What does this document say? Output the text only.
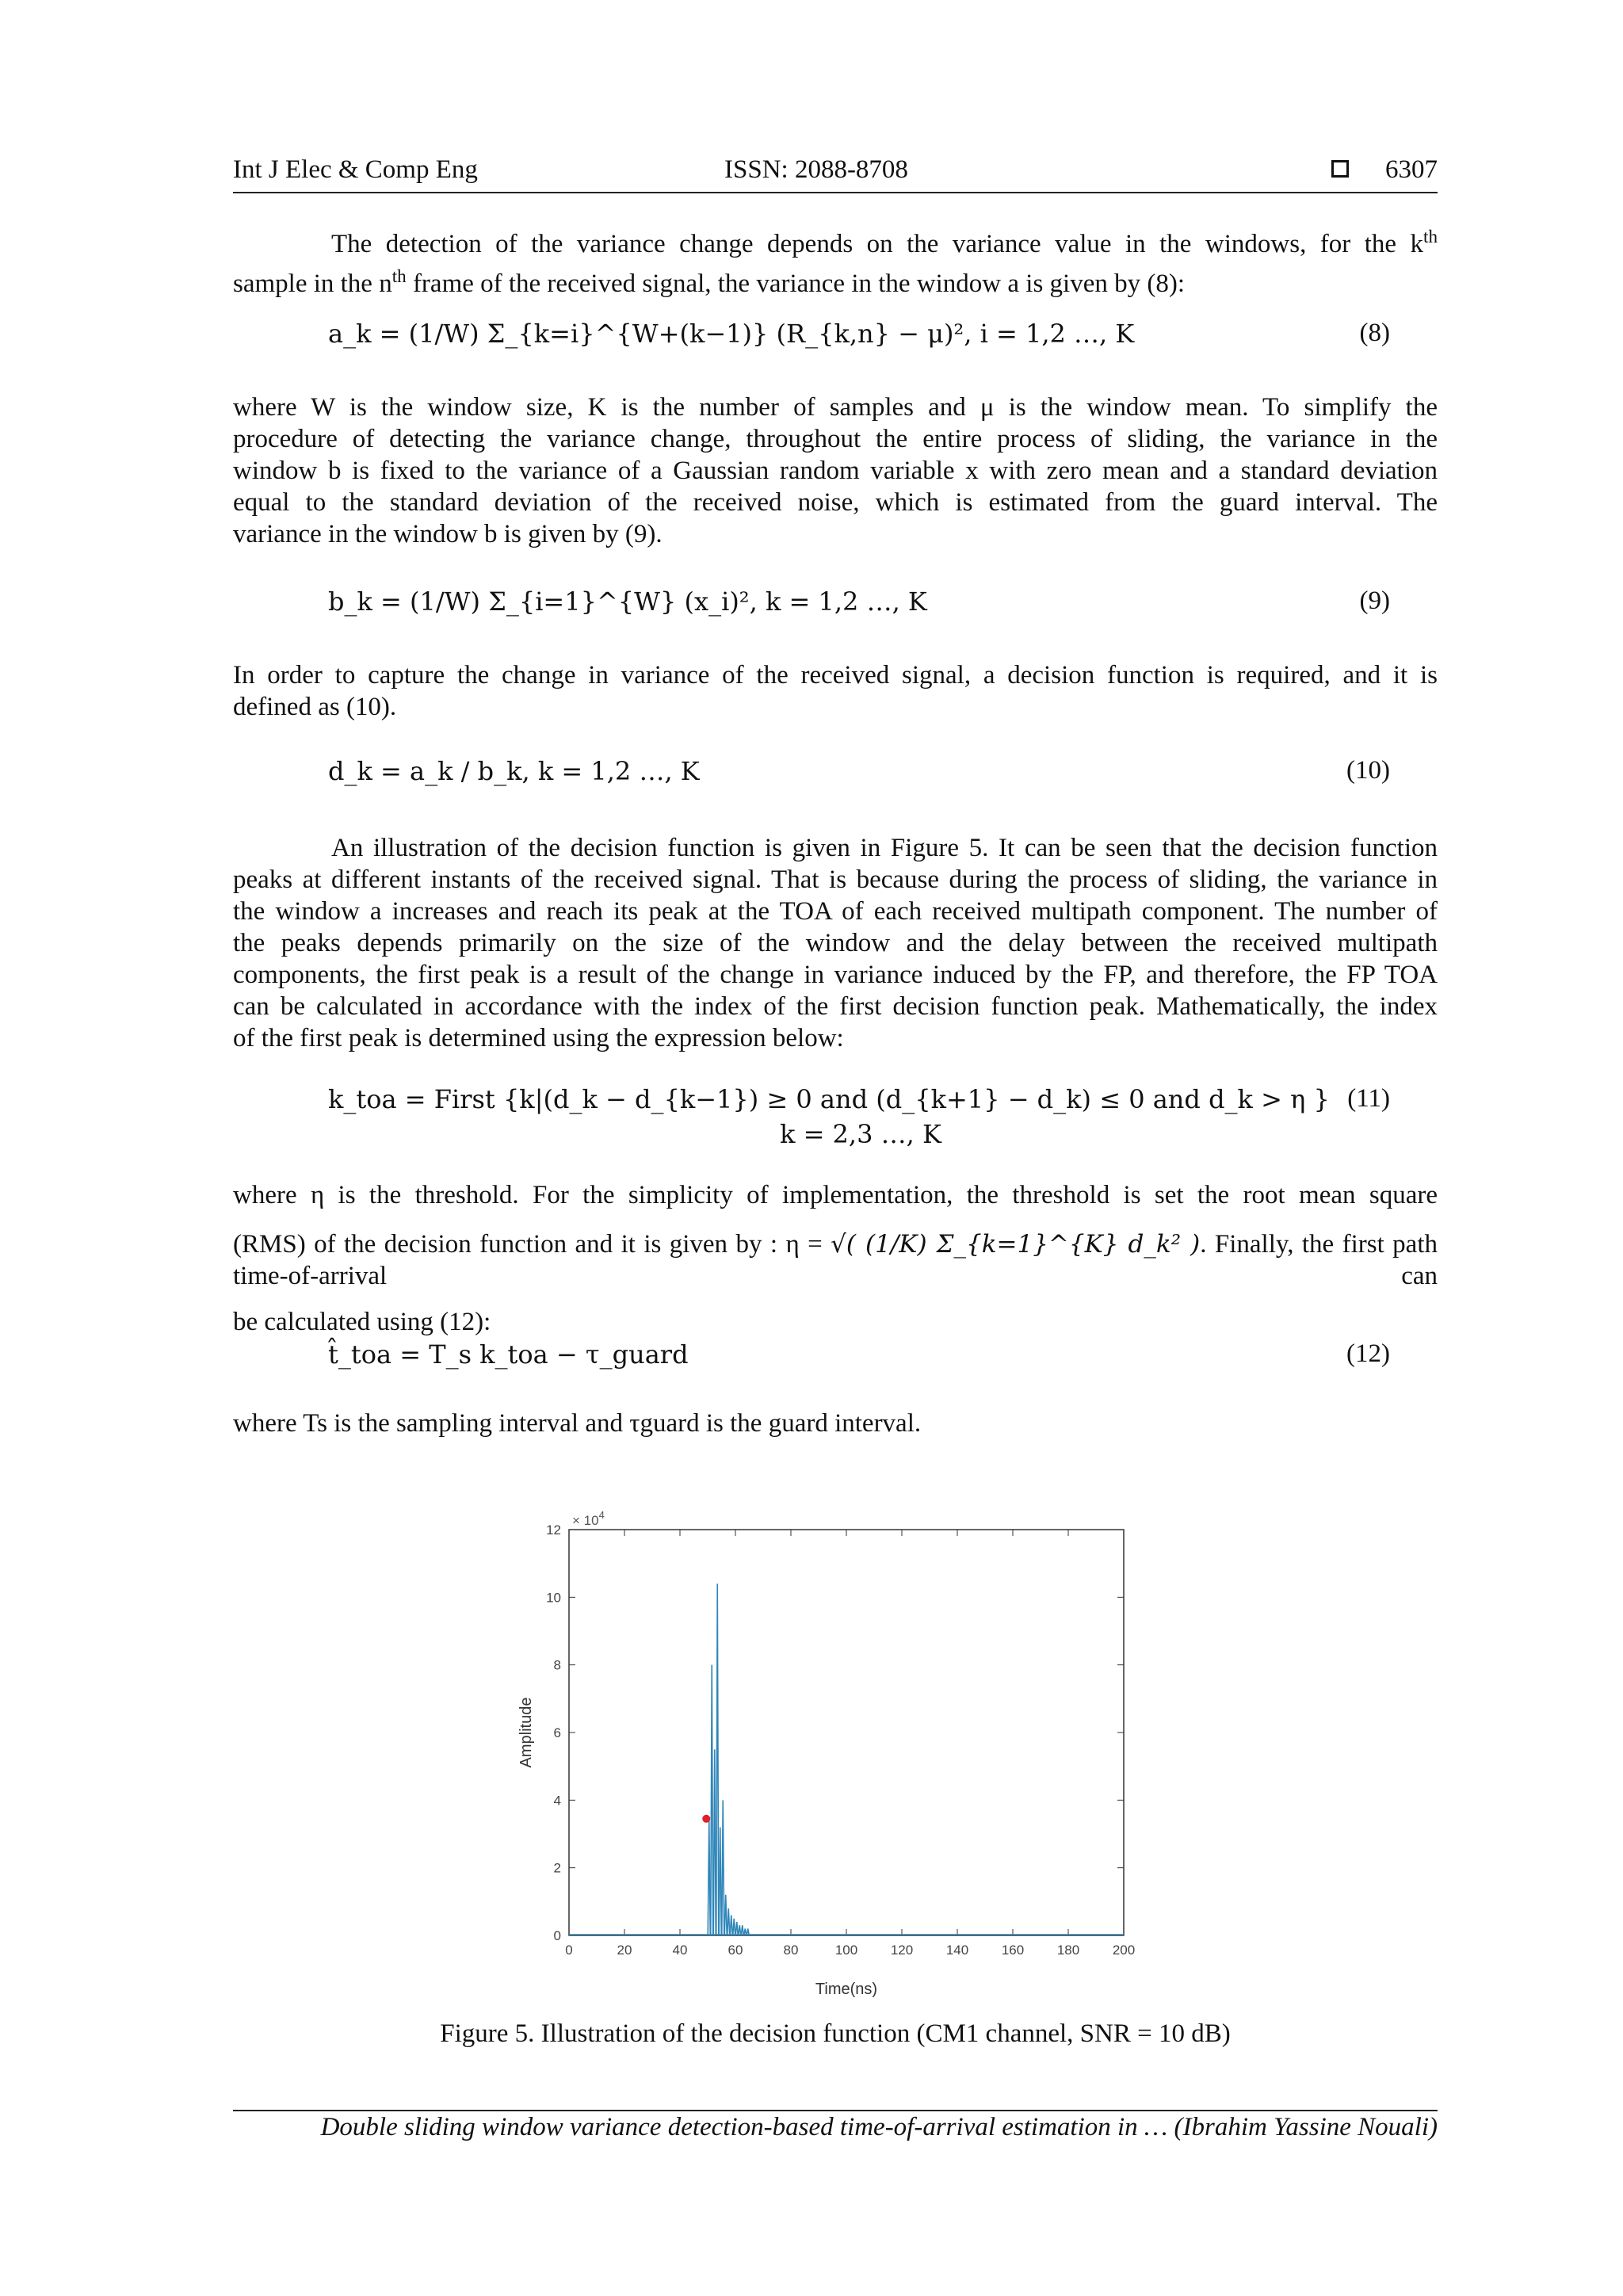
Int J Elec & Comp Eng	ISSN: 2088-8708	6307
The detection of the variance change depends on the variance value in the windows, for the $k^{th}$
sample in the $n^{th}$ frame of the received signal, the variance in the window a is given by (8):
a_k = (1/W) Σ_{k=i}^{W+(k−1)} (R_{k,n} − μ)², i = 1,2 …, K	(8)
where W is the window size, K is the number of samples and μ is the window mean. To simplify the
procedure of detecting the variance change, throughout the entire process of sliding, the variance in the
window b is fixed to the variance of a Gaussian random variable x with zero mean and a standard deviation
equal to the standard deviation of the received noise, which is estimated from the guard interval. The
variance in the window b is given by (9).
b_k = (1/W) Σ_{i=1}^{W} (x_i)², k = 1,2 …, K	(9)
In order to capture the change in variance of the received signal, a decision function is required, and it is
defined as (10).
d_k = a_k / b_k, k = 1,2 …, K	(10)
An illustration of the decision function is given in Figure 5. It can be seen that the decision function
peaks at different instants of the received signal. That is because during the process of sliding, the variance in
the window a increases and reach its peak at the TOA of each received multipath component. The number of
the peaks depends primarily on the size of the window and the delay between the received multipath
components, the first peak is a result of the change in variance induced by the FP, and therefore, the FP TOA
can be calculated in accordance with the index of the first decision function peak. Mathematically, the index
of the first peak is determined using the expression below:
k_toa = First {k|(d_k − d_{k−1}) ≥ 0 and (d_{k+1} − d_k) ≤ 0 and d_k > η }
k = 2,3 …, K
(11)
where η is the threshold. For the simplicity of implementation, the threshold is set the root mean square
(RMS) of the decision function and it is given by : η = √( (1/K) Σ_{k=1}^{K} d_k² ). Finally, the first path time-of-arrival can
be calculated using (12):
t̂_toa = T_s k_toa − τ_guard	(12)
where Ts is the sampling interval and τguard is the guard interval.
0
2
4
6
8
10
12
0	20	40	60	80	100 120 140 160 180 200
Amplitude
Time(ns)
× $10^4$
Figure 5. Illustration of the decision function (CM1 channel, SNR = 10 dB)
Double sliding window variance detection-based time-of-arrival estimation in … (Ibrahim Yassine Nouali)
